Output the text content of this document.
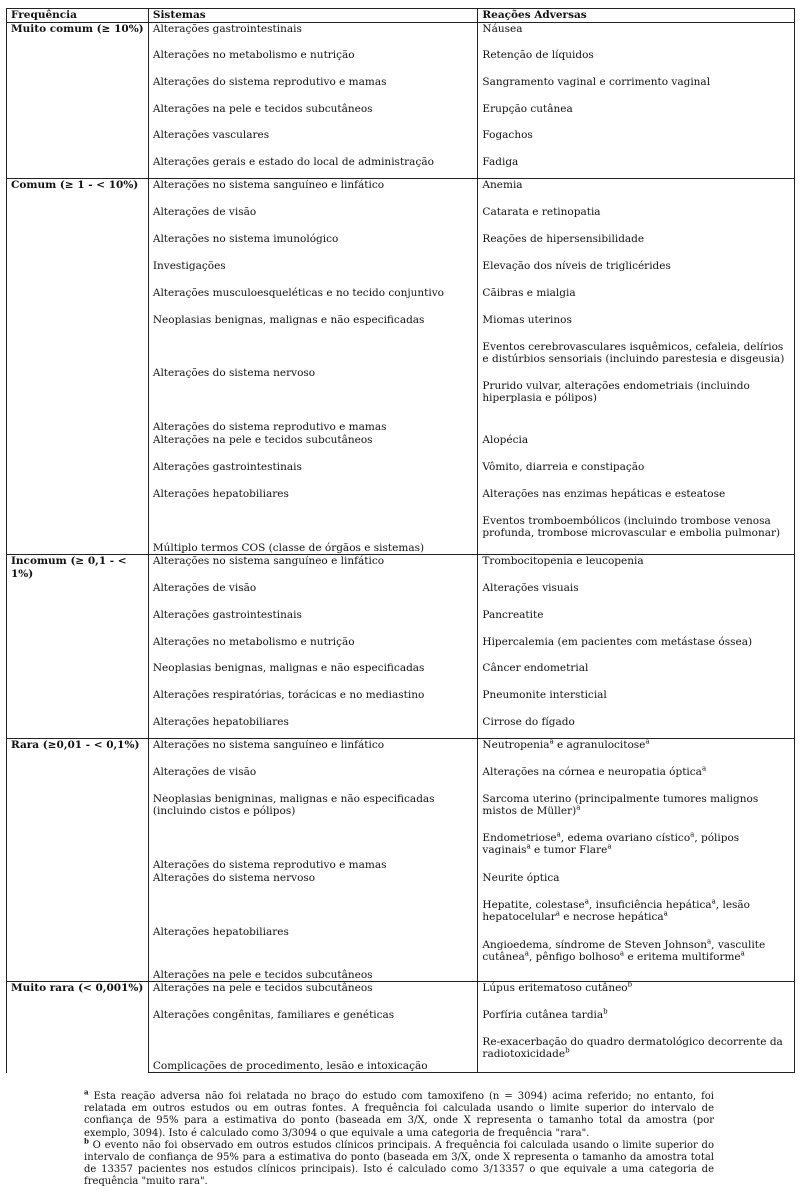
Frequência	Sistemas	Reações Adversas
Muito comum (≥ 10%)	Alterações gastrointestinais	Náusea
	Alterações no metabolismo e nutrição	Retenção de líquidos
	Alterações do sistema reprodutivo e mamas	Sangramento vaginal e corrimento vaginal
	Alterações na pele e tecidos subcutâneos	Erupção cutânea
	Alterações vasculares	Fogachos
	Alterações gerais e estado do local de administração	Fadiga
Comum (≥ 1 - < 10%)	Alterações no sistema sanguíneo e linfático	Anemia
	Alterações de visão	Catarata e retinopatia
	Alterações no sistema imunológico	Reações de hipersensibilidade
	Investigações	Elevação dos níveis de triglicérides
	Alterações musculoesqueléticas e no tecido conjuntivo	Cãibras e mialgia
	Neoplasias benignas, malignas e não especificadas	Miomas uterinos
	Alterações do sistema nervoso	Eventos cerebrovasculares isquêmicos, cefaleia, delírios e distúrbios sensoriais (incluindo parestesia e disgeusia)
	Alterações do sistema reprodutivo e mamas	Prurido vulvar, alterações endometriais (incluindo hiperplasia e pólipos)
	Alterações na pele e tecidos subcutâneos	Alopécia
	Alterações gastrointestinais	Vômito, diarreia e constipação
	Alterações hepatobiliares	Alterações nas enzimas hepáticas e esteatose
	Múltiplo termos COS (classe de órgãos e sistemas)	Eventos tromboembólicos (incluindo trombose venosa profunda, trombose microvascular e embolia pulmonar)
Incomum (≥ 0,1 - < 1%)	Alterações no sistema sanguíneo e linfático	Trombocitopenia e leucopenia
	Alterações de visão	Alterações visuais
	Alterações gastrointestinais	Pancreatite
	Alterações no metabolismo e nutrição	Hipercalemia (em pacientes com metástase óssea)
	Neoplasias benignas, malignas e não especificadas	Câncer endometrial
	Alterações respiratórias, torácicas e no mediastino	Pneumonite intersticial
	Alterações hepatobiliares	Cirrose do fígado
Rara (≥0,01 - < 0,1%)	Alterações no sistema sanguíneo e linfático	Neutropenia$^a$ e agranulocitose$^a$
	Alterações de visão	Alterações na córnea e neuropatia óptica$^a$
	Neoplasias benigninas, malignas e não especificadas (incluindo cistos e pólipos)	Sarcoma uterino (principalmente tumores malignos mistos de Müller)$^a$
	Alterações do sistema reprodutivo e mamas	Endometriose$^a$, edema ovariano cístico$^a$, pólipos vaginais$^a$ e tumor Flare$^a$
	Alterações do sistema nervoso	Neurite óptica
	Alterações hepatobiliares	Hepatite, colestase$^a$, insuficiência hepática$^a$, lesão hepatocelular$^a$ e necrose hepática$^a$
	Alterações na pele e tecidos subcutâneos	Angioedema, síndrome de Steven Johnson$^a$, vasculite cutânea$^a$, pênfigo bolhoso$^a$ e eritema multiforme$^a$
Muito rara (< 0,001%)	Alterações na pele e tecidos subcutâneos	Lúpus eritematoso cutâneo$^b$
	Alterações congênitas, familiares e genéticas	Porfíria cutânea tardia$^b$
	Complicações de procedimento, lesão e intoxicação	Re-exacerbação do quadro dermatológico decorrente da radiotoxicidade$^b$

$^a$ Esta reação adversa não foi relatada no braço do estudo com tamoxifeno (n = 3094) acima referido; no entanto, foi relatada em outros estudos ou em outras fontes. A frequência foi calculada usando o limite superior do intervalo de confiança de 95% para a estimativa do ponto (baseada em 3/X, onde X representa o tamanho total da amostra (por exemplo, 3094). Isto é calculado como 3/3094 o que equivale a uma categoria de frequência "rara".

$^b$ O evento não foi observado em outros estudos clínicos principais. A frequência foi calculada usando o limite superior do intervalo de confiança de 95% para a estimativa do ponto (baseada em 3/X, onde X representa o tamanho da amostra total de 13357 pacientes nos estudos clínicos principais). Isto é calculado como 3/13357 o que equivale a uma categoria de frequência "muito rara".
